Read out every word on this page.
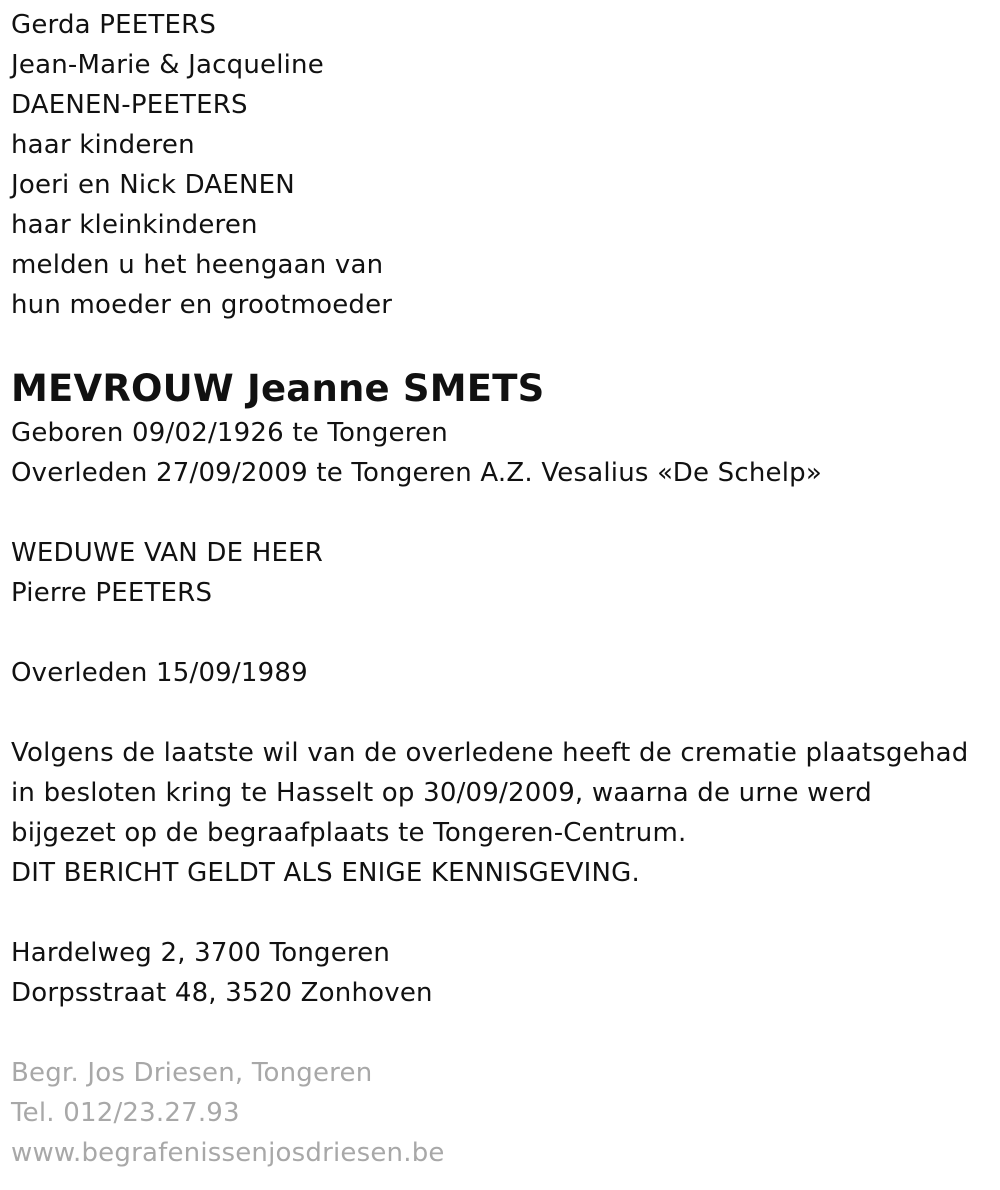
Gerda PEETERS
Jean-Marie & Jacqueline
DAENEN-PEETERS
haar kinderen
Joeri en Nick DAENEN
haar kleinkinderen
melden u het heengaan van
hun moeder en grootmoeder
MEVROUW Jeanne SMETS
Geboren 09/02/1926 te Tongeren
Overleden 27/09/2009 te Tongeren A.Z. Vesalius «De Schelp»
WEDUWE VAN DE HEER
Pierre PEETERS
Overleden 15/09/1989
Volgens de laatste wil van de overledene heeft de crematie plaatsgehad
in besloten kring te Hasselt op 30/09/2009, waarna de urne werd
bijgezet op de begraafplaats te Tongeren-Centrum.
DIT BERICHT GELDT ALS ENIGE KENNISGEVING.
Hardelweg 2, 3700 Tongeren
Dorpsstraat 48, 3520 Zonhoven
Begr. Jos Driesen, Tongeren
Tel. 012/23.27.93
www.begrafenissenjosdriesen.be
